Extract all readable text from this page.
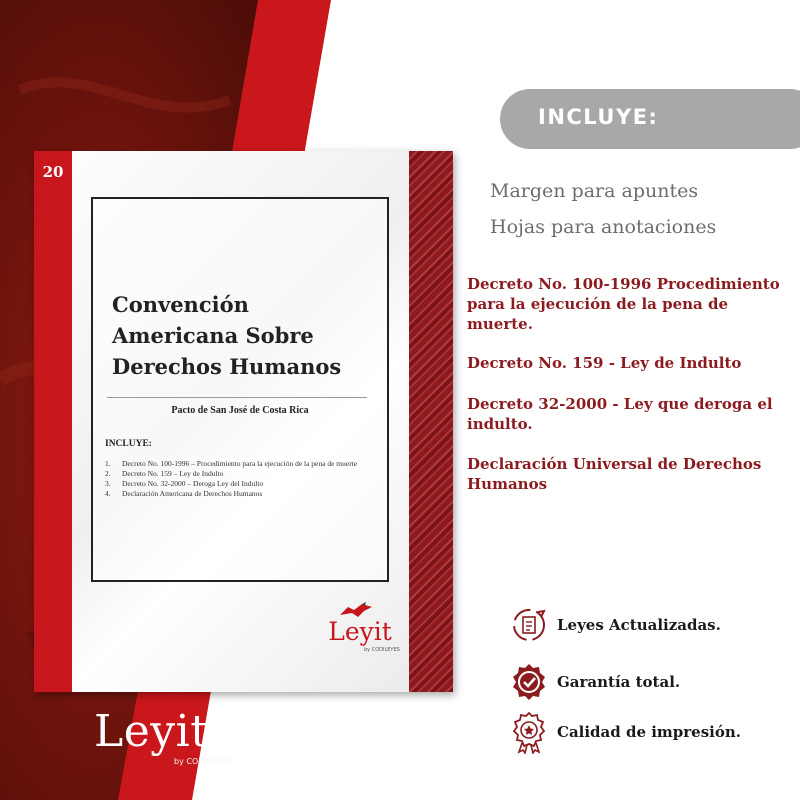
20
Convención Americana Sobre Derechos Humanos
Pacto de San José de Costa Rica
INCLUYE:
1.	Decreto No. 100-1996 – Procedimiento para la ejecución de la pena de muerte
2.	Decreto No. 159 – Ley de Indulto
3.	Decreto No. 32-2000 – Deroga Ley del Indulto
4.	Declaración Americana de Derechos Humanos
Leyit
by CODILEYES
Leyit
by CODILEYES
INCLUYE:
Margen para apuntes
Hojas para anotaciones

Decreto No. 100-1996 Procedimiento para la ejecución de la pena de muerte.

Decreto No. 159 - Ley de Indulto

Decreto 32-2000 - Ley que deroga el indulto.

Declaración Universal de Derechos Humanos

Leyes Actualizadas.
Garantía total.
Calidad de impresión.
